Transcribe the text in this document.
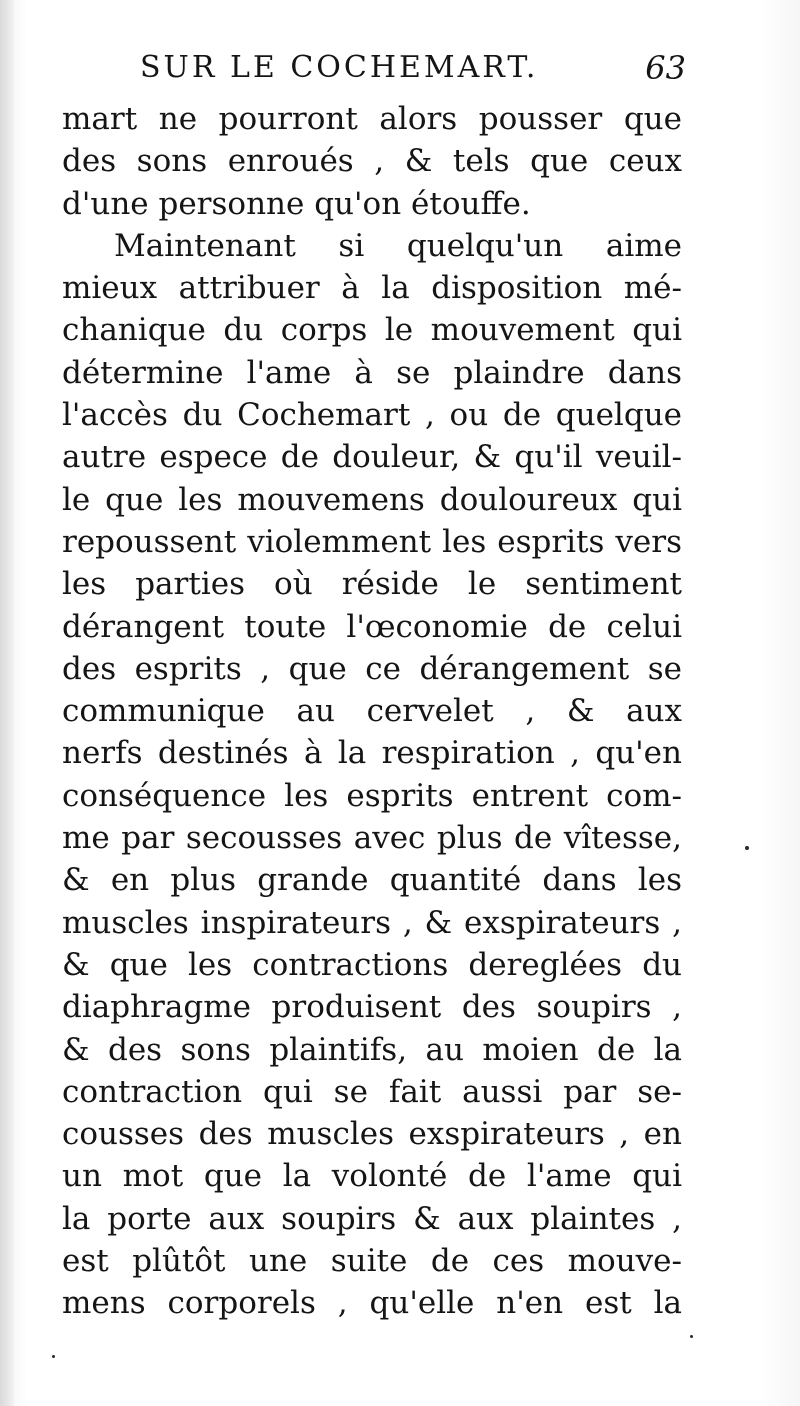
SUR LE COCHEMART.	63
mart ne pourront alors pousser que
des sons enroués , & tels que ceux
d'une personne qu'on étouffe.
Maintenant si quelqu'un aime
mieux attribuer à la disposition mé-
chanique du corps le mouvement qui
détermine l'ame à se plaindre dans
l'accès du Cochemart , ou de quelque
autre espece de douleur, & qu'il veuil-
le que les mouvemens douloureux qui
repoussent violemment les esprits vers
les parties où réside le sentiment
dérangent toute l'œconomie de celui
des esprits , que ce dérangement se
communique au cervelet , & aux
nerfs destinés à la respiration , qu'en
conséquence les esprits entrent com-
me par secousses avec plus de vîtesse,
& en plus grande quantité dans les
muscles inspirateurs , & exspirateurs ,
& que les contractions dereglées du
diaphragme produisent des soupirs ,
& des sons plaintifs, au moien de la
contraction qui se fait aussi par se-
cousses des muscles exspirateurs , en
un mot que la volonté de l'ame qui
la porte aux soupirs & aux plaintes ,
est plûtôt une suite de ces mouve-
mens corporels , qu'elle n'en est la
